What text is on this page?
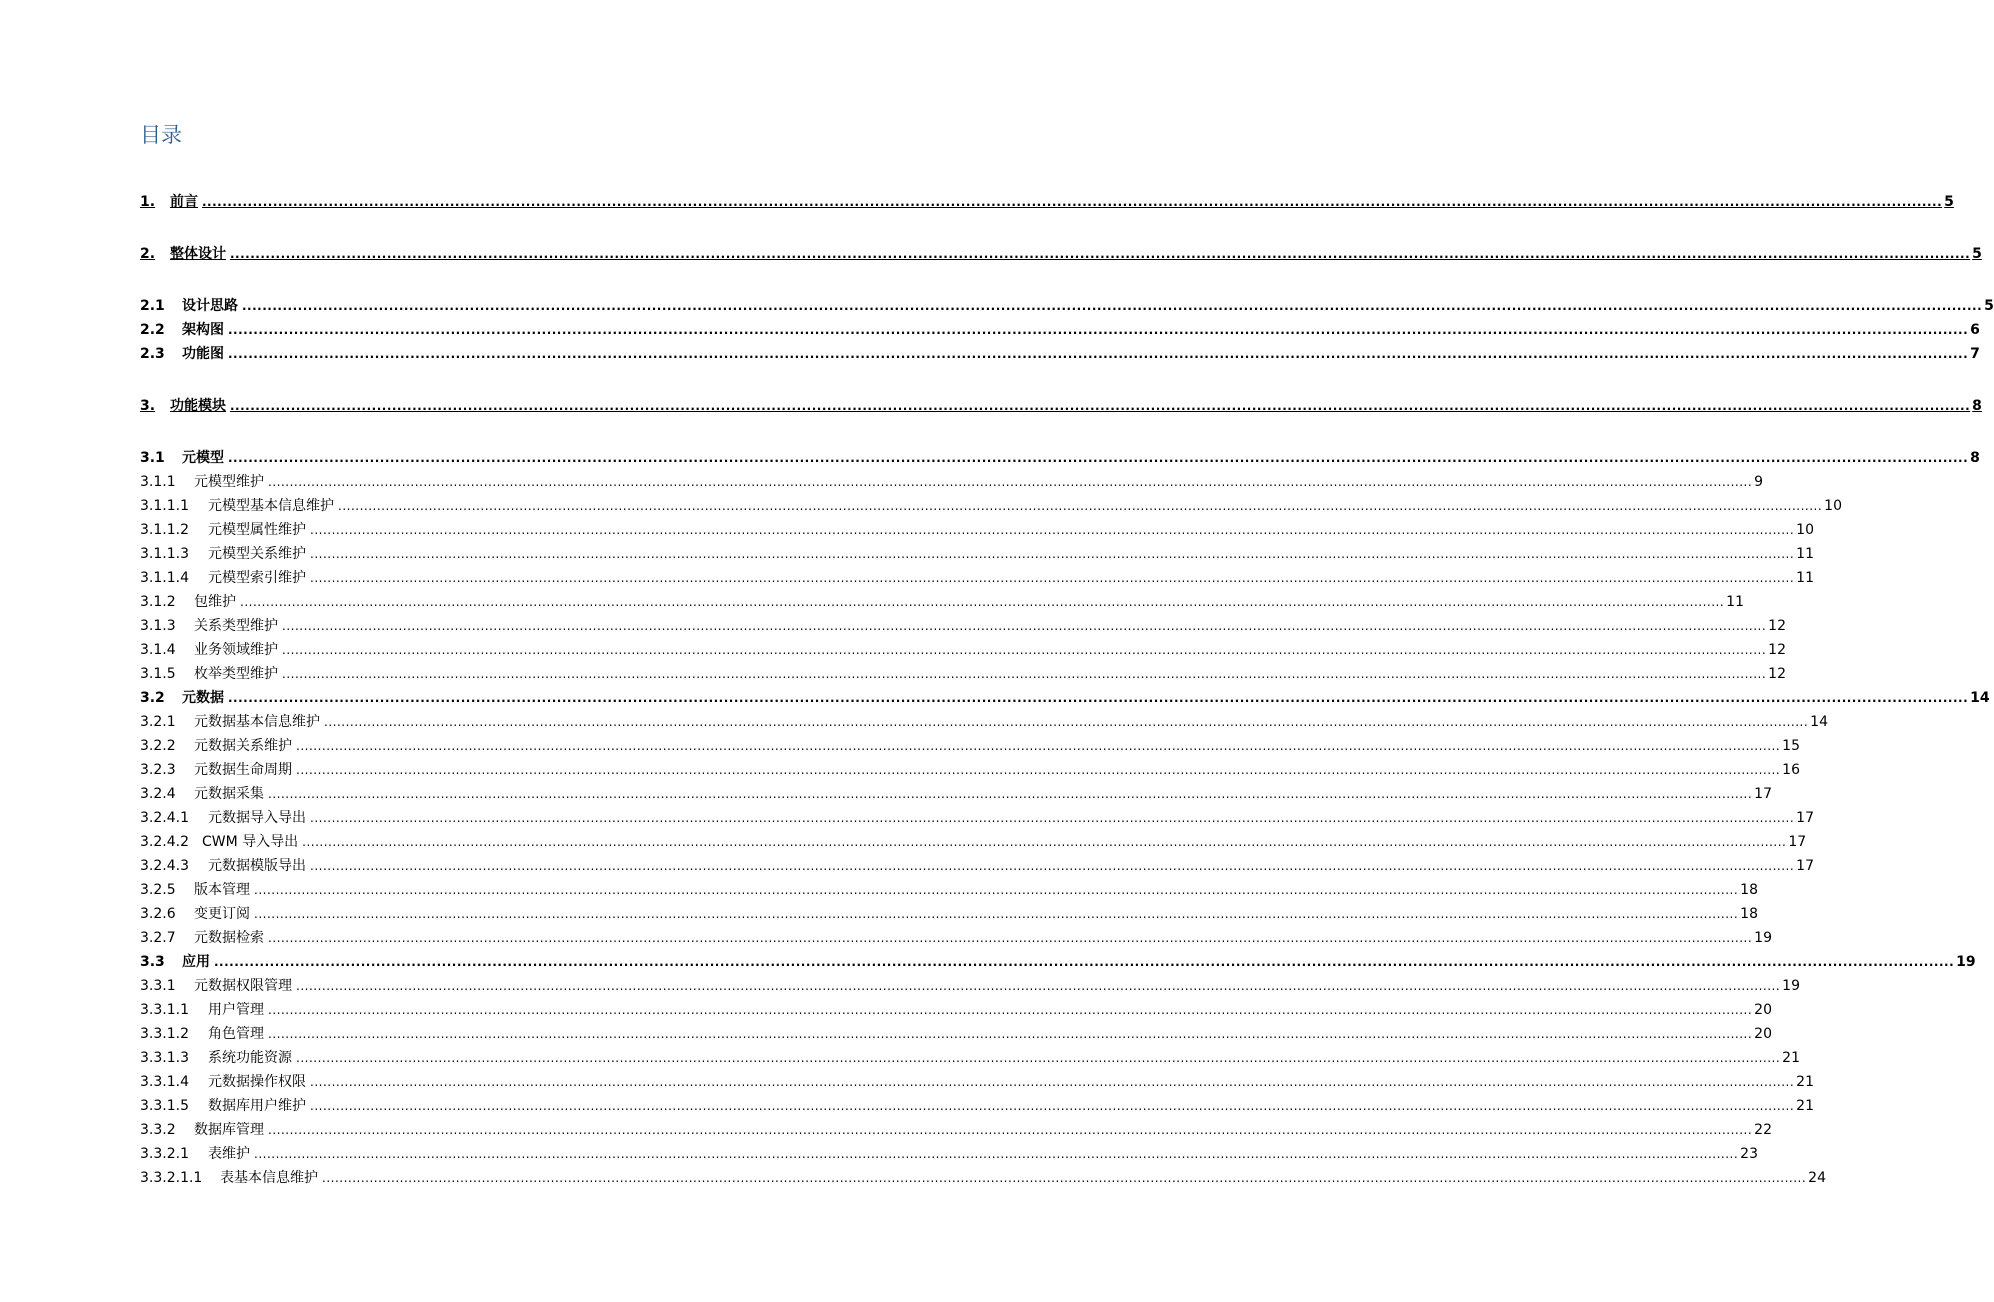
目录
1.	前言 ........................................................................................................................................................................................................................................................................................................................................................ 5
2.	整体设计 ........................................................................................................................................................................................................................................................................................................................................................ 5
2.1	设计思路 ........................................................................................................................................................................................................................................................................................................................................................ 5
2.2	架构图 ........................................................................................................................................................................................................................................................................................................................................................ 6
2.3	功能图 ........................................................................................................................................................................................................................................................................................................................................................ 7
3.	功能模块 ........................................................................................................................................................................................................................................................................................................................................................ 8
3.1	元模型 ........................................................................................................................................................................................................................................................................................................................................................ 8
3.1.1	元模型维护 ........................................................................................................................................................................................................................................................................................................................................................ 9
3.1.1.1	元模型基本信息维护 ........................................................................................................................................................................................................................................................................................................................................................ 10
3.1.1.2	元模型属性维护 ........................................................................................................................................................................................................................................................................................................................................................ 10
3.1.1.3	元模型关系维护 ........................................................................................................................................................................................................................................................................................................................................................ 11
3.1.1.4	元模型索引维护 ........................................................................................................................................................................................................................................................................................................................................................ 11
3.1.2	包维护 ........................................................................................................................................................................................................................................................................................................................................................ 11
3.1.3	关系类型维护 ........................................................................................................................................................................................................................................................................................................................................................ 12
3.1.4	业务领域维护 ........................................................................................................................................................................................................................................................................................................................................................ 12
3.1.5	枚举类型维护 ........................................................................................................................................................................................................................................................................................................................................................ 12
3.2	元数据 ........................................................................................................................................................................................................................................................................................................................................................ 14
3.2.1	元数据基本信息维护 ........................................................................................................................................................................................................................................................................................................................................................ 14
3.2.2	元数据关系维护 ........................................................................................................................................................................................................................................................................................................................................................ 15
3.2.3	元数据生命周期 ........................................................................................................................................................................................................................................................................................................................................................ 16
3.2.4	元数据采集 ........................................................................................................................................................................................................................................................................................................................................................ 17
3.2.4.1	元数据导入导出 ........................................................................................................................................................................................................................................................................................................................................................ 17
3.2.4.2 CWM 导入导出 ........................................................................................................................................................................................................................................................................................................................................................ 17
3.2.4.3	元数据模版导出 ........................................................................................................................................................................................................................................................................................................................................................ 17
3.2.5	版本管理 ........................................................................................................................................................................................................................................................................................................................................................ 18
3.2.6	变更订阅 ........................................................................................................................................................................................................................................................................................................................................................ 18
3.2.7	元数据检索 ........................................................................................................................................................................................................................................................................................................................................................ 19
3.3	应用 ........................................................................................................................................................................................................................................................................................................................................................ 19
3.3.1	元数据权限管理 ........................................................................................................................................................................................................................................................................................................................................................ 19
3.3.1.1	用户管理 ........................................................................................................................................................................................................................................................................................................................................................ 20
3.3.1.2	角色管理 ........................................................................................................................................................................................................................................................................................................................................................ 20
3.3.1.3	系统功能资源 ........................................................................................................................................................................................................................................................................................................................................................ 21
3.3.1.4	元数据操作权限 ........................................................................................................................................................................................................................................................................................................................................................ 21
3.3.1.5	数据库用户维护 ........................................................................................................................................................................................................................................................................................................................................................ 21
3.3.2	数据库管理 ........................................................................................................................................................................................................................................................................................................................................................ 22
3.3.2.1	表维护 ........................................................................................................................................................................................................................................................................................................................................................ 23
3.3.2.1.1	表基本信息维护 ........................................................................................................................................................................................................................................................................................................................................................ 24
